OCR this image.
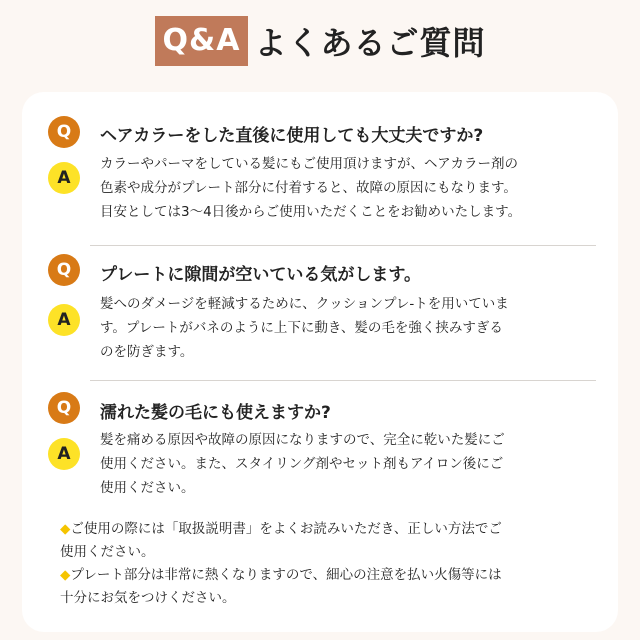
Q&A よくあるご質問
Q	ヘアカラーをした直後に使用しても大丈夫ですか?
A
カラーやパーマをしている髪にもご使用頂けますが、ヘアカラー剤の
色素や成分がプレート部分に付着すると、故障の原因にもなります。
目安としては3〜4日後からご使用いただくことをお勧めいたします。
Q	プレートに隙間が空いている気がします。
A
髪へのダメージを軽減するために、クッションプレ-トを用いていま
す。プレートがバネのように上下に動き、髪の毛を強く挟みすぎる
のを防ぎます。
Q	濡れた髪の毛にも使えますか?
A
髪を痛める原因や故障の原因になりますので、完全に乾いた髪にご
使用ください。また、スタイリング剤やセット剤もアイロン後にご
使用ください。
◆ご使用の際には「取扱説明書」をよくお読みいただき、正しい方法でご
使用ください。
◆プレート部分は非常に熱くなりますので、細心の注意を払い火傷等には
十分にお気をつけください。
